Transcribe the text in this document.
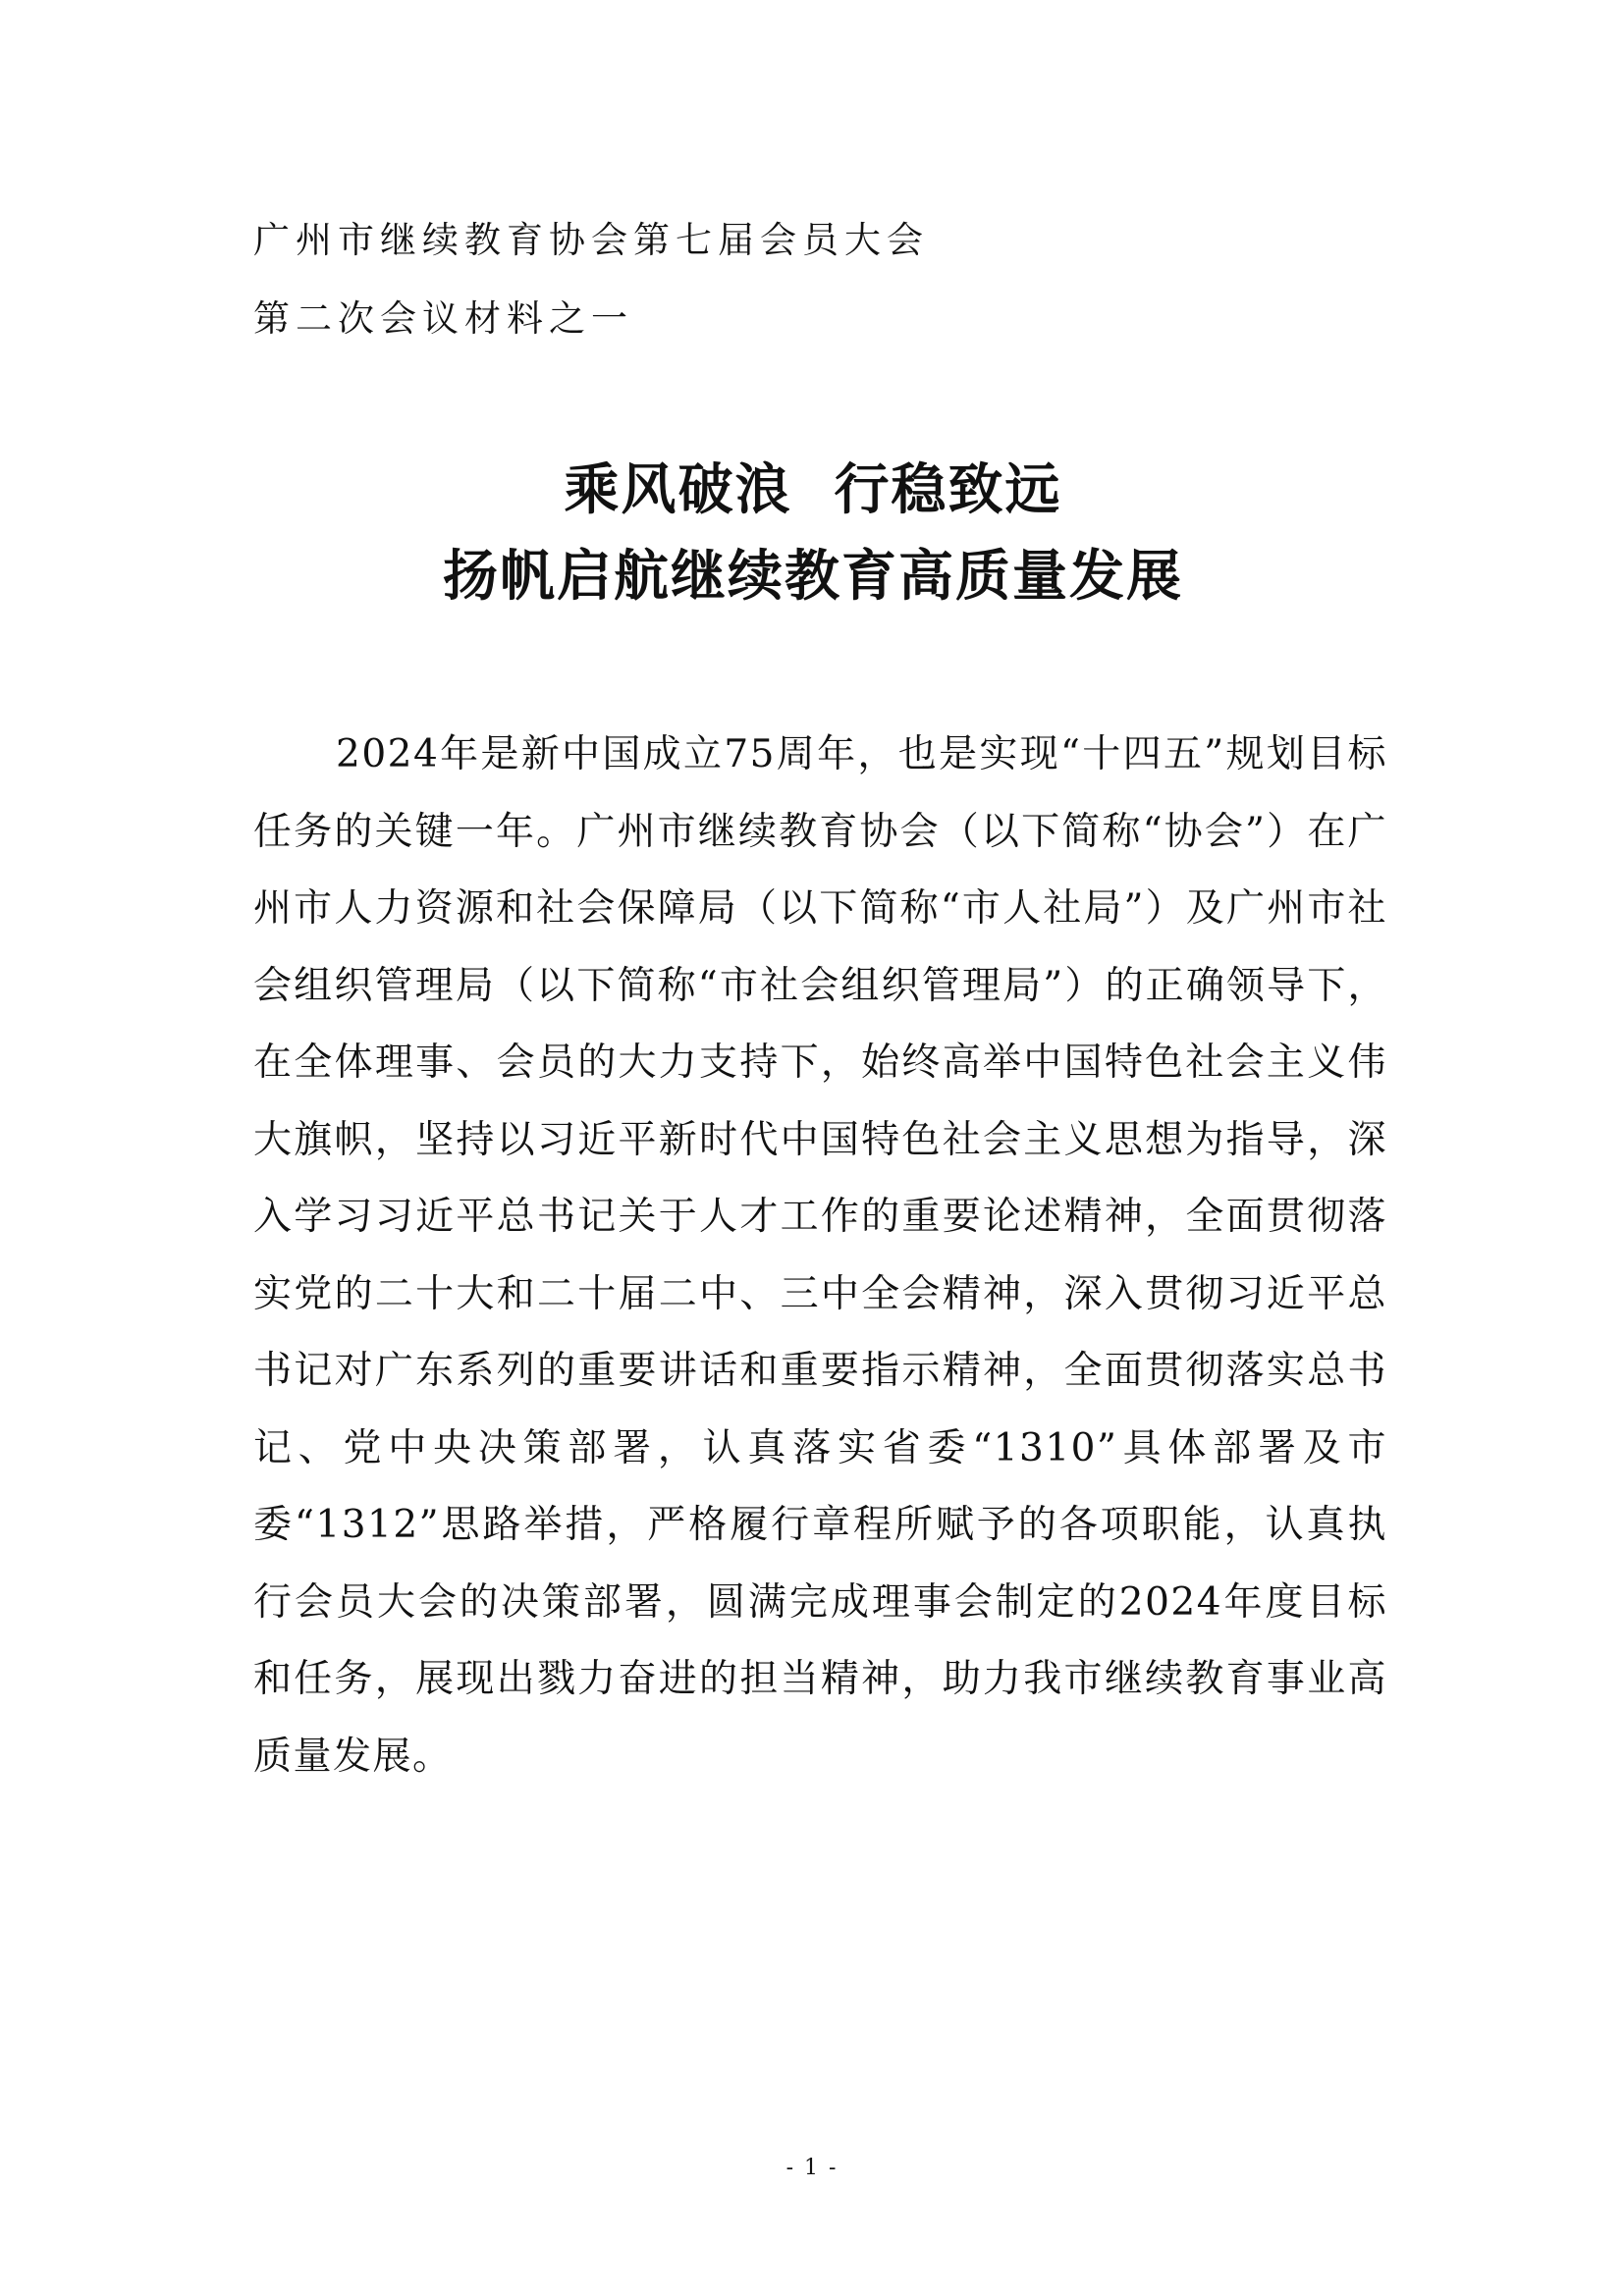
广州市继续教育协会第七届会员大会
第二次会议材料之一
乘风破浪  行稳致远
扬帆启航继续教育高质量发展
2024年是新中国成立75周年，也是实现“十四五”规划目标任务的关键一年。广州市继续教育协会（以下简称“协会”）在广州市人力资源和社会保障局（以下简称“市人社局”）及广州市社会组织管理局（以下简称“市社会组织管理局”）的正确领导下，在全体理事、会员的大力支持下，始终高举中国特色社会主义伟大旗帜，坚持以习近平新时代中国特色社会主义思想为指导，深入学习习近平总书记关于人才工作的重要论述精神，全面贯彻落实党的二十大和二十届二中、三中全会精神，深入贯彻习近平总书记对广东系列的重要讲话和重要指示精神，全面贯彻落实总书记、党中央决策部署，认真落实省委“1310”具体部署及市委“1312”思路举措，严格履行章程所赋予的各项职能，认真执行会员大会的决策部署，圆满完成理事会制定的2024年度目标和任务，展现出戮力奋进的担当精神，助力我市继续教育事业高质量发展。
- 1 -
